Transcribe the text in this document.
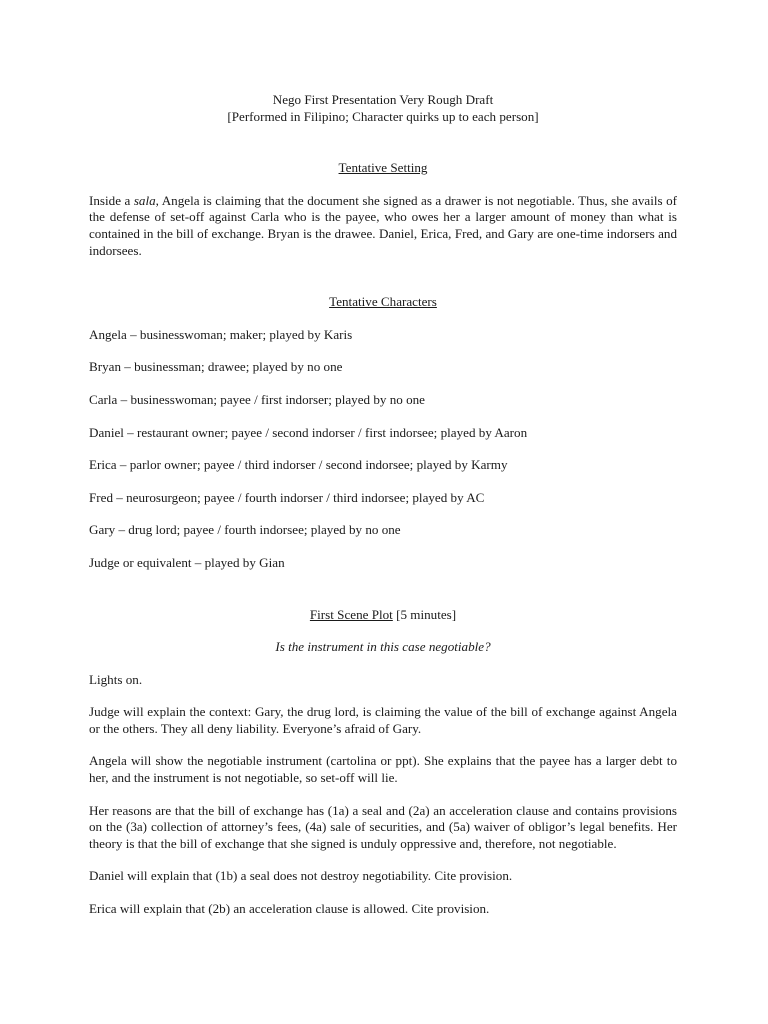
Nego First Presentation Very Rough Draft

[Performed in Filipino; Character quirks up to each person]

Tentative Setting

Inside a sala, Angela is claiming that the document she signed as a drawer is not negotiable. Thus, she avails of the defense of set-off against Carla who is the payee, who owes her a larger amount of money than what is contained in the bill of exchange. Bryan is the drawee. Daniel, Erica, Fred, and Gary are one-time indorsers and indorsees.

Tentative Characters

Angela – businesswoman; maker; played by Karis

Bryan – businessman; drawee; played by no one

Carla – businesswoman; payee / first indorser; played by no one

Daniel – restaurant owner; payee / second indorser / first indorsee; played by Aaron

Erica – parlor owner; payee / third indorser / second indorsee; played by Karmy

Fred – neurosurgeon; payee / fourth indorser / third indorsee; played by AC

Gary – drug lord; payee / fourth indorsee; played by no one

Judge or equivalent – played by Gian

First Scene Plot [5 minutes]

Is the instrument in this case negotiable?

Lights on.

Judge will explain the context: Gary, the drug lord, is claiming the value of the bill of exchange against Angela or the others. They all deny liability. Everyone’s afraid of Gary.

Angela will show the negotiable instrument (cartolina or ppt). She explains that the payee has a larger debt to her, and the instrument is not negotiable, so set-off will lie.

Her reasons are that the bill of exchange has (1a) a seal and (2a) an acceleration clause and contains provisions on the (3a) collection of attorney’s fees, (4a) sale of securities, and (5a) waiver of obligor’s legal benefits. Her theory is that the bill of exchange that she signed is unduly oppressive and, therefore, not negotiable.

Daniel will explain that (1b) a seal does not destroy negotiability. Cite provision.

Erica will explain that (2b) an acceleration clause is allowed. Cite provision.
